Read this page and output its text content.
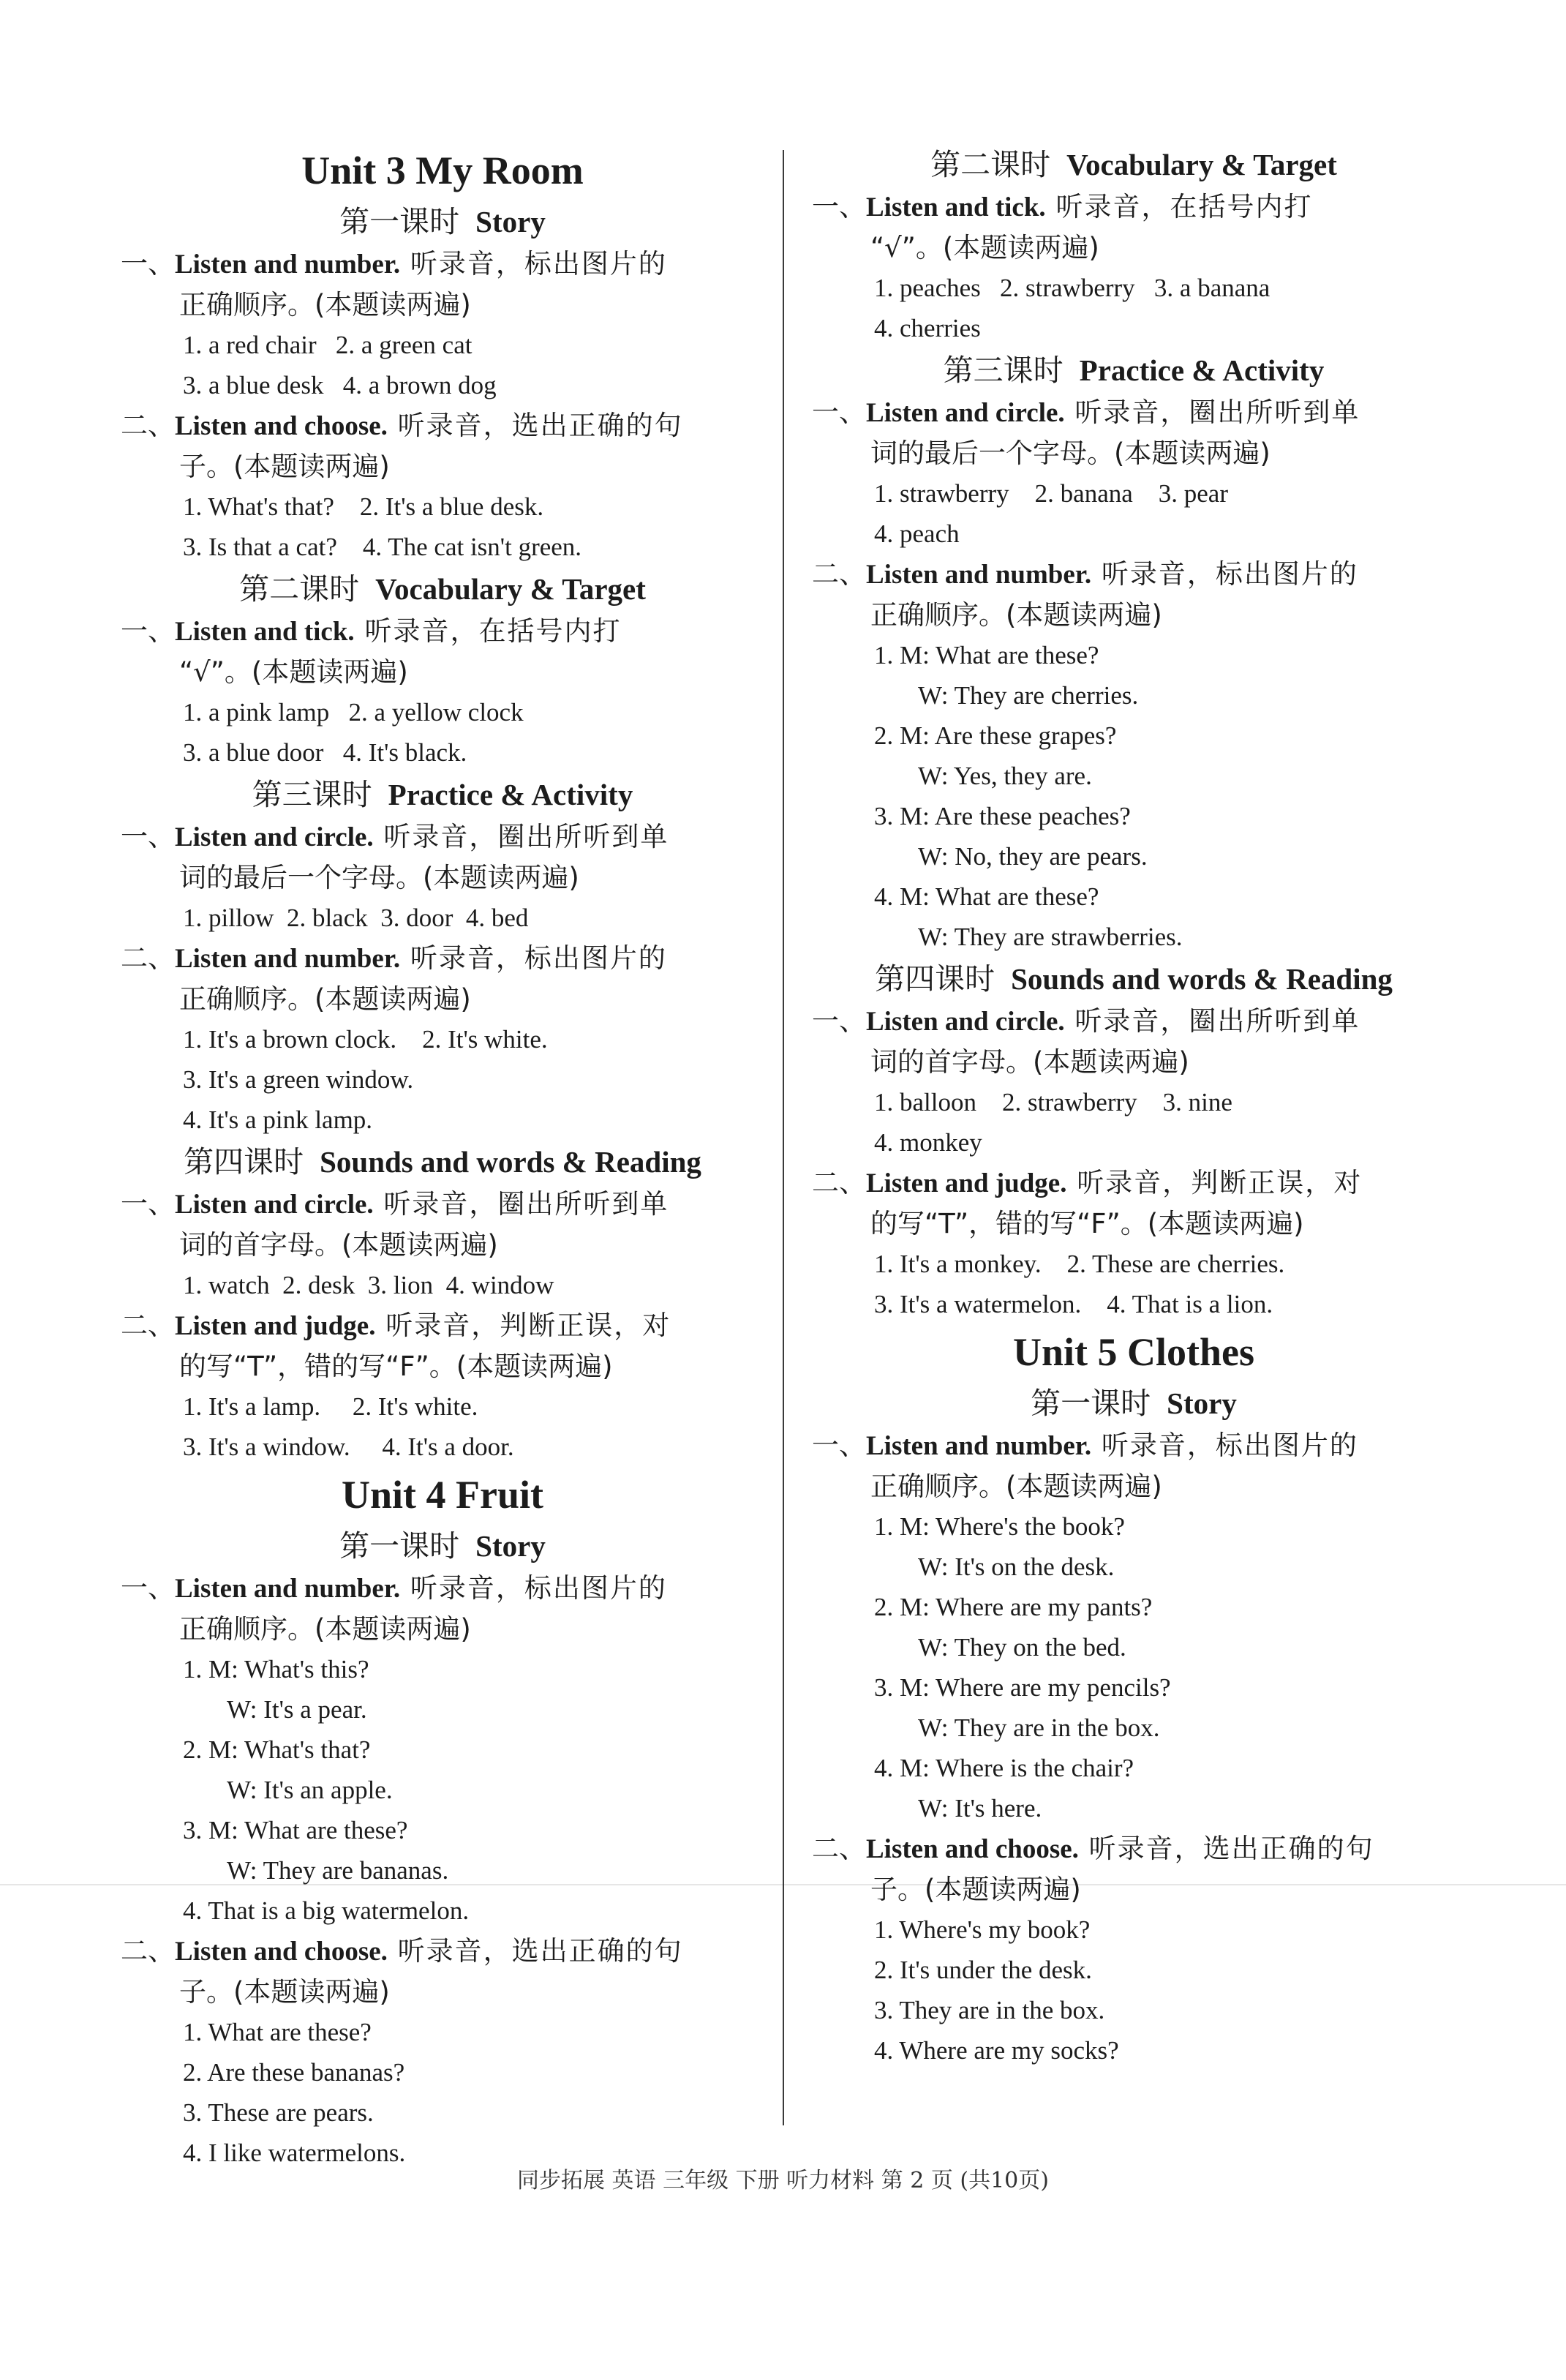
Unit 3 My Room
第一课时 Story
一、Listen and number. 听录音，标出图片的
正确顺序。(本题读两遍)
1. a red chair   2. a green cat
3. a blue desk   4. a brown dog
二、Listen and choose. 听录音，选出正确的句
子。(本题读两遍)
1. What's that?    2. It's a blue desk.
3. Is that a cat?    4. The cat isn't green.
第二课时 Vocabulary & Target
一、Listen and tick. 听录音，在括号内打
“√”。(本题读两遍)
1. a pink lamp   2. a yellow clock
3. a blue door   4. It's black.
第三课时 Practice & Activity
一、Listen and circle. 听录音，圈出所听到单
词的最后一个字母。(本题读两遍)
1. pillow  2. black  3. door  4. bed
二、Listen and number. 听录音，标出图片的
正确顺序。(本题读两遍)
1. It's a brown clock.    2. It's white.
3. It's a green window.
4. It's a pink lamp.
第四课时 Sounds and words & Reading
一、Listen and circle. 听录音，圈出所听到单
词的首字母。(本题读两遍)
1. watch  2. desk  3. lion  4. window
二、Listen and judge. 听录音，判断正误，对
的写“T”，错的写“F”。(本题读两遍)
1. It's a lamp.     2. It's white.
3. It's a window.     4. It's a door.
Unit 4 Fruit
第一课时 Story
一、Listen and number. 听录音，标出图片的
正确顺序。(本题读两遍)
1. M: What's this?
W: It's a pear.
2. M: What's that?
W: It's an apple.
3. M: What are these?
W: They are bananas.
4. That is a big watermelon.
二、Listen and choose. 听录音，选出正确的句
子。(本题读两遍)
1. What are these?
2. Are these bananas?
3. These are pears.
4. I like watermelons.
第二课时 Vocabulary & Target
一、Listen and tick. 听录音，在括号内打
“√”。(本题读两遍)
1. peaches   2. strawberry   3. a banana
4. cherries
第三课时 Practice & Activity
一、Listen and circle. 听录音，圈出所听到单
词的最后一个字母。(本题读两遍)
1. strawberry    2. banana    3. pear
4. peach
二、Listen and number. 听录音，标出图片的
正确顺序。(本题读两遍)
1. M: What are these?
W: They are cherries.
2. M: Are these grapes?
W: Yes, they are.
3. M: Are these peaches?
W: No, they are pears.
4. M: What are these?
W: They are strawberries.
第四课时 Sounds and words & Reading
一、Listen and circle. 听录音，圈出所听到单
词的首字母。(本题读两遍)
1. balloon    2. strawberry    3. nine
4. monkey
二、Listen and judge. 听录音，判断正误，对
的写“T”，错的写“F”。(本题读两遍)
1. It's a monkey.    2. These are cherries.
3. It's a watermelon.    4. That is a lion.
Unit 5 Clothes
第一课时 Story
一、Listen and number. 听录音，标出图片的
正确顺序。(本题读两遍)
1. M: Where's the book?
W: It's on the desk.
2. M: Where are my pants?
W: They on the bed.
3. M: Where are my pencils?
W: They are in the box.
4. M: Where is the chair?
W: It's here.
二、Listen and choose. 听录音，选出正确的句
子。(本题读两遍)
1. Where's my book?
2. It's under the desk.
3. They are in the box.
4. Where are my socks?
同步拓展 英语 三年级 下册 听力材料 第 2 页 (共10页)
